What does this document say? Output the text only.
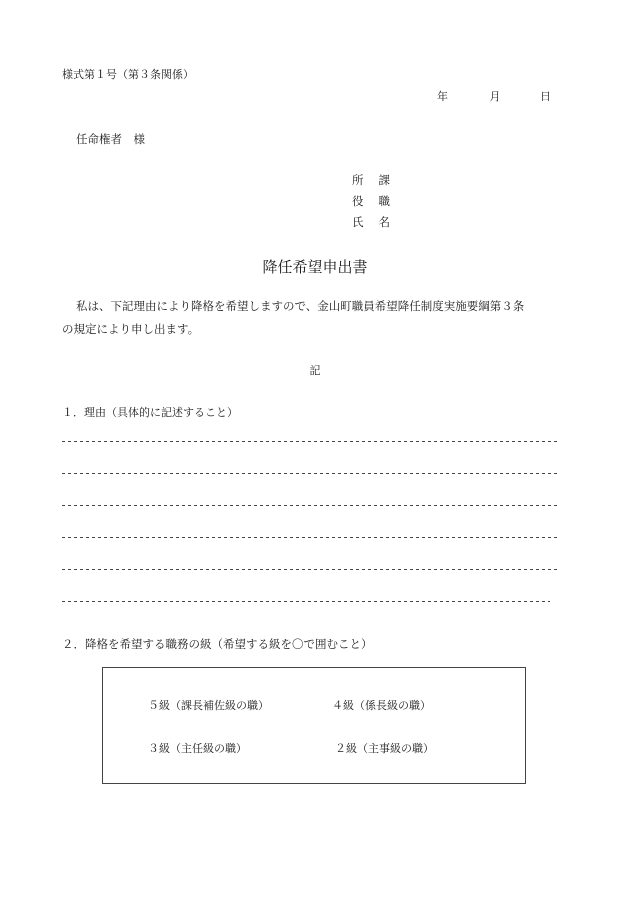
様式第１号（第３条関係）
年	月	日
任命権者　様
所 課
役 職
氏 名
降任希望申出書
私は、下記理由により降格を希望しますので、金山町職員希望降任制度実施要綱第３条
の規定により申し出ます。
記
１．理由（具体的に記述すること）
２．降格を希望する職務の級（希望する級を〇で囲むこと）
５級（課長補佐級の職）	４級（係長級の職）
３級（主任級の職）	２級（主事級の職）
